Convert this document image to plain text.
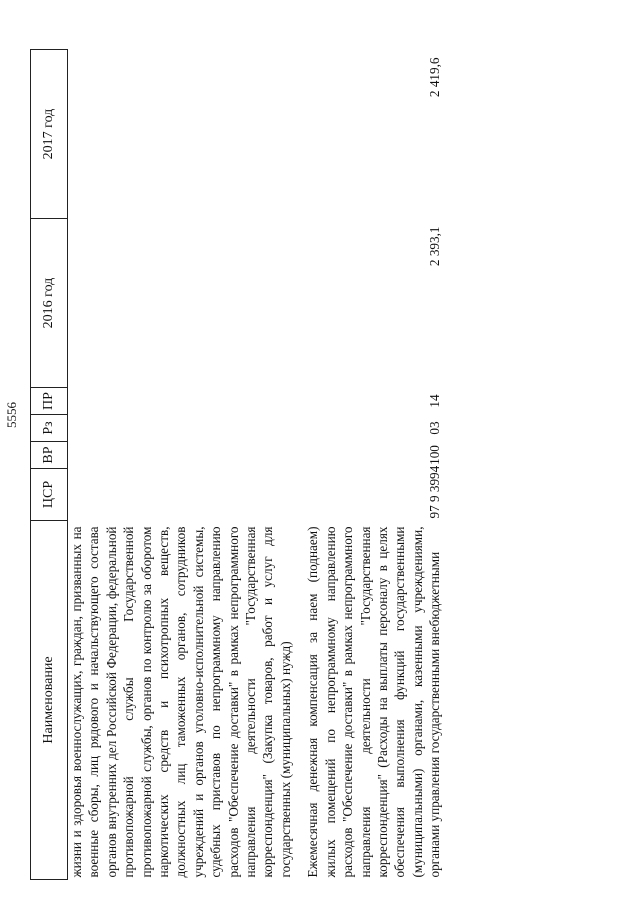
5556
Наименование	ЦСР	ВР	Рз	ПР	2016 год	2017 год
жизни и здоровья военнослужащих, граждан, призванных на военные сборы, лиц рядового и начальствующего состава органов внутренних дел Российской Федерации, федеральной противопожарной службы Государственной противопожарной службы, органов по контролю за оборотом наркотических средств и психотропных веществ, должностных лиц таможенных органов, сотрудников учреждений и органов уголовно-исполнительной системы, судебных приставов по непрограммному направлению расходов "Обеспечение доставки" в рамках непрограммного направления деятельности "Государственная корреспонденция" (Закупка товаров, работ и услуг для государственных (муниципальных) нужд)						

Ежемесячная денежная компенсация за наем (поднаем) жилых помещений по непрограммному направлению расходов "Обеспечение доставки" в рамках непрограммного направления деятельности "Государственная корреспонденция" (Расходы на выплаты персоналу в целях обеспечения выполнения функций государственными (муниципальными) органами, казенными учреждениями, органами управления государственными внебюджетными	97 9 3994	100	03	14	2 393,1	2 419,6
